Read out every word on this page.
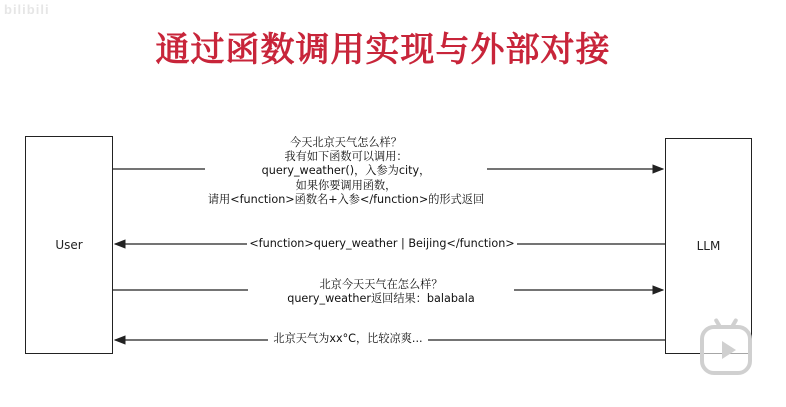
bilibili
通过函数调用实现与外部对接
User	LLM
今天北京天气怎么样？
我有如下函数可以调用：
query_weather()，入参为city，
如果你要调用函数，
请用<function>函数名+入参</function>的形式返回
<function>query_weather | Beijing</function>
北京今天天气在怎么样？
query_weather返回结果：balabala
北京天气为xx°C，比较凉爽...
